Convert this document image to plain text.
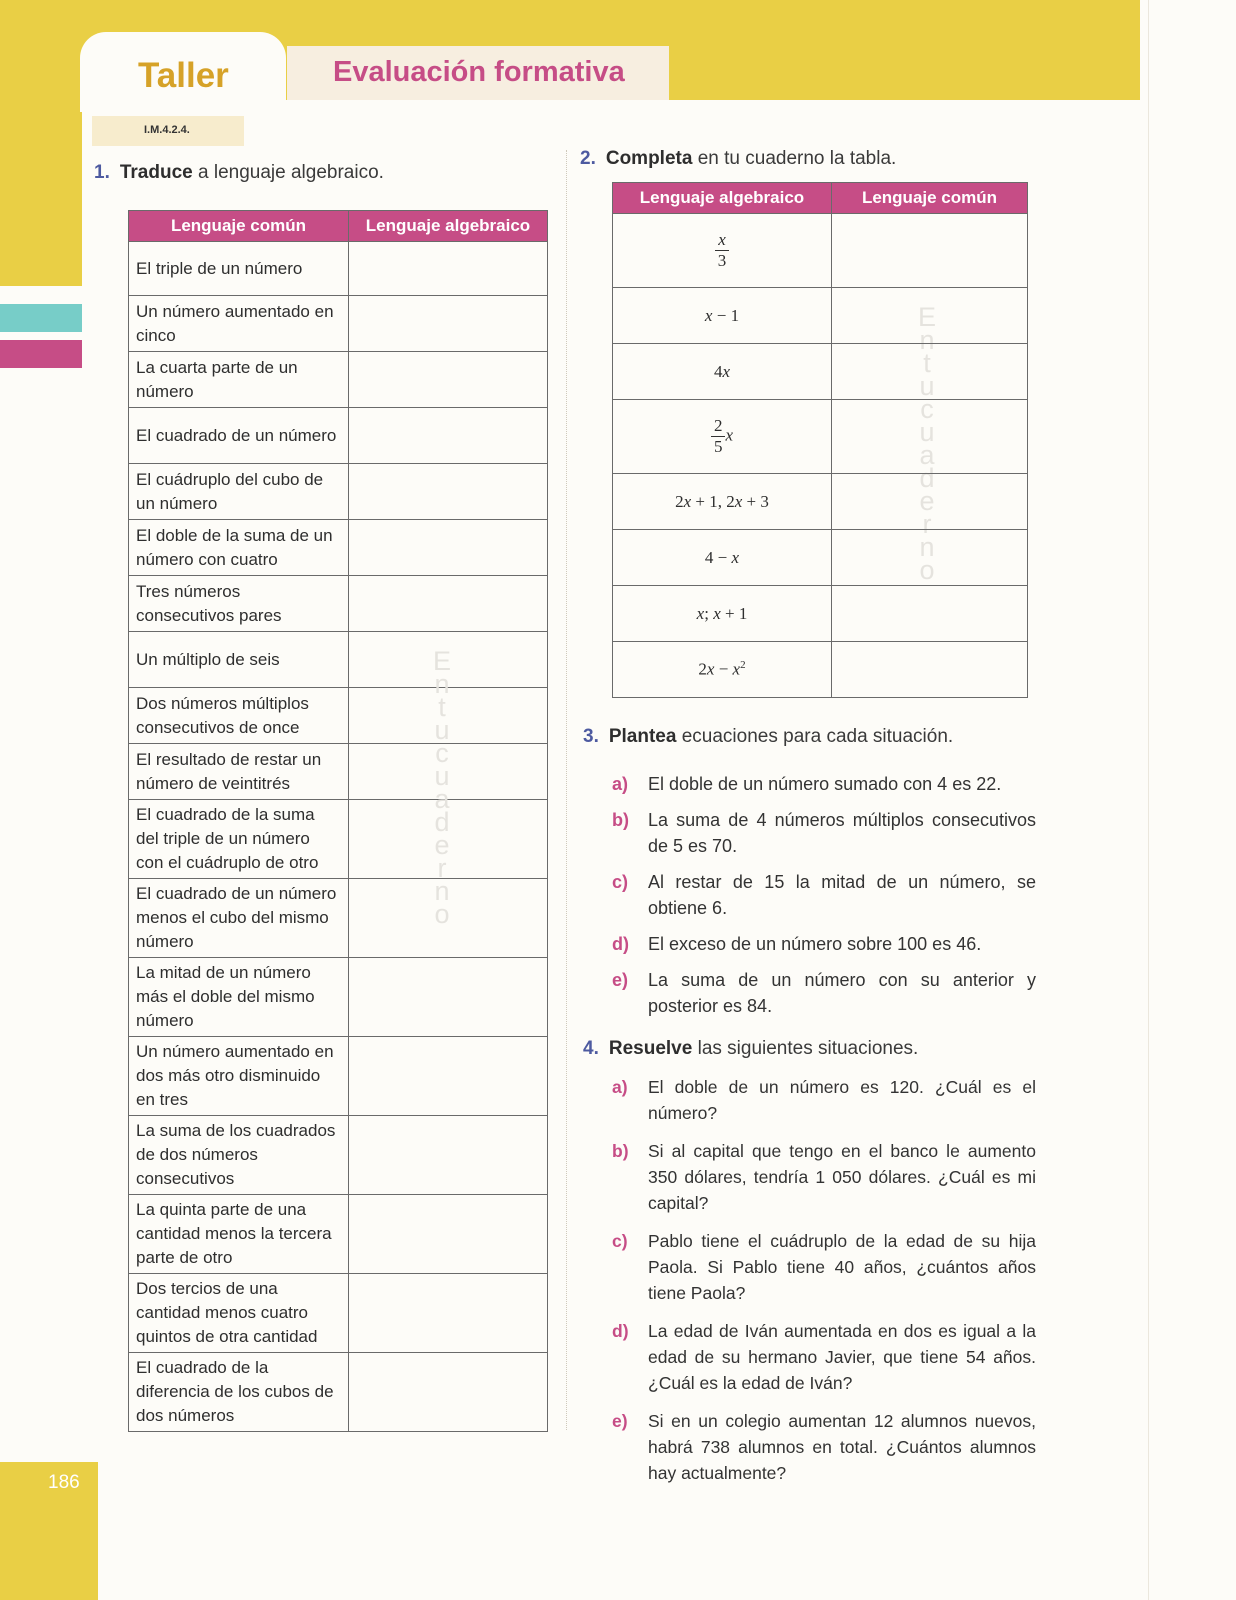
186
Taller	Evaluación formativa
I.M.4.2.4.
1. Traduce a lenguaje algebraico.
Lenguaje común	Lenguaje algebraico
El triple de un número	
Un número aumentado en cinco	
La cuarta parte de un número	
El cuadrado de un número	
El cuádruplo del cubo de un número	
El doble de la suma de un número con cuatro	
Tres números consecutivos pares	
Un múltiplo de seis	
Dos números múltiplos consecutivos de once	
El resultado de restar un número de veintitrés	
El cuadrado de la suma del triple de un número con el cuádruplo de otro	
El cuadrado de un número menos el cubo del mismo número	
La mitad de un número más el doble del mismo número	
Un número aumentado en dos más otro disminuido en tres	
La suma de los cuadrados de dos números consecutivos	
La quinta parte de una cantidad menos la tercera parte de otro	
Dos tercios de una cantidad menos cuatro quintos de otra cantidad	
El cuadrado de la diferencia de los cubos de dos números	
E
n
t
u
c
u
a
d
e
r
n
o
E
n
t
u
c
u
a
d
e
r
n
o
2. Completa en tu cuaderno la tabla.
Lenguaje algebraico	Lenguaje común

$\frac{x}{3}$

x − 1	
4x	

$\frac{2}{5}$ x	
2x + 1, 2x + 3	
4 − x	
x; x + 1	
$2x - x^2$	
3. Plantea ecuaciones para cada situación.
a) El doble de un número sumado con 4 es 22.
b) La suma de 4 números múltiplos consecutivos de 5 es 70.
c) Al restar de 15 la mitad de un número, se obtiene 6.
d) El exceso de un número sobre 100 es 46.
e) La suma de un número con su anterior y posterior es 84.
4. Resuelve las siguientes situaciones.
a) El doble de un número es 120. ¿Cuál es el número?
b) Si al capital que tengo en el banco le aumento 350 dólares, tendría 1 050 dólares. ¿Cuál es mi capital?
c) Pablo tiene el cuádruplo de la edad de su hija Paola. Si Pablo tiene 40 años, ¿cuántos años tiene Paola?
d) La edad de Iván aumentada en dos es igual a la edad de su hermano Javier, que tiene 54 años. ¿Cuál es la edad de Iván?
e) Si en un colegio aumentan 12 alumnos nuevos, habrá 738 alumnos en total. ¿Cuántos alumnos hay actualmente?
